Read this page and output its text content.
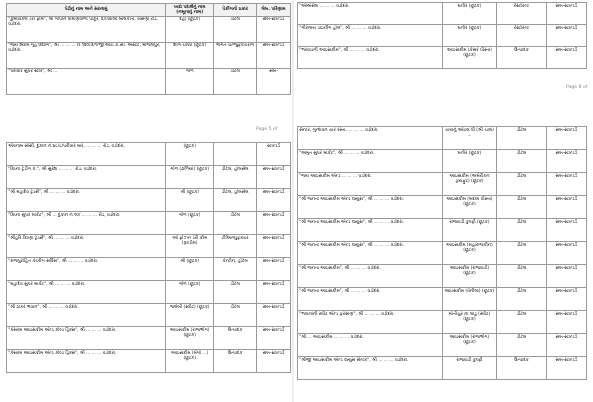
પેઢીનું નામ અને સરનામું	ખાદ્ય પદાર્થનું નામ (નમૂનાનું નામ)	પેકીંગનો પ્રકાર	લેબ. પરિણામ
"કુમાવિકલ ડેરી ફાર્મ", શ્રી ગોપીન વાઘાણવાળા પાકૂર, દ/ત્રિવાલી બાલકીર્ત્ત, વાસણા રોડ, વડોદરા.	દહીં (છૂટક)	ડીટેલ	સબ-સ્ટાન્ડર્ડ
"જય શ્યામ ગૃહ ઉદ્યોગ", શ્રી ... ... ... નં.૧૨૦/૩/૧/જી.આઇ.ડી.સી. એસ્ટેટ, માંજલપુર, વડોદરા.	શીંગ ચીક્કી (છૂટક)	જગત ચેન્જુફેકચરીંગ	સબ-સ્ટાન્ડર્ડ
"પરીવાર સુપર સ્ટોર", શ્રી ...	ગોળ	ડીટેલ	સબ-
Page 5 of
એવનામ સોસી, દુકાન નં.૪૮/૮/પરીવાર માર, ... ... ... રોડ, વડોદરા.	(છૂટક)		સ્ટાન્ડર્ડ
"ક્રિષ્ના ટ્રેડીંગ કં.", શ્રી સુરેશ ... ... ... રોડ, વડોદરા.	ગોળ (ઢાળિયાં) (છૂટક)	ડીટેલ, હોલસેલ	સબ-સ્ટાન્ડર્ડ
"શ્રી મહાદેવ ટ્રેડર્સ", શ્રી ... ... ... વડોદરા.	શ્રી (છૂટક)	ડીટેલ, હોલસેલ	સબ-સ્ટાન્ડર્ડ
"ક્રિષ્ના સુપર માર્કેટ", શ્રી ... દુકાન નં.૧૦/ ... ... ... રોડ, વડોદરા.	ગોળ (છૂટક)	ડીટેલ	સબ-સ્ટાન્ડર્ડ
"શ્રીહરિ ક્રિષ્ણા ટ્રેડર્સ", શ્રી ... ... ... વડોદરા.	ઓ ફ્રોઝન ડેરી ક્રીમ (રૂકડીમ)	ટીઅિન્યુફક્ચર	સબ-સ્ટાન્ડર્ડ
"રાજપુરોહિત કેટરીંગ સર્વિસ", શ્રી ... ... ... વડોદરા.	શ્રી (છૂટક)	કેન્ટીન, હોટેલ	સબ-સ્ટાન્ડર્ડ
"મહાદેવ સુપર માર્કેટ", શ્રી ... ... ... વડોદરા.	ગોળ (છૂટક)	ડીટેલ	સબ-સ્ટાન્ડર્ડ
"શ્રી ઠાકર ભવાન", શ્રી ... ... ... વડોદરા.	જલેબી (સ્વીટ) (છૂટક)	ડીટેલ	સબ-સ્ટાન્ડર્ડ
"કેસરમ આઇસક્રીમ એન્ડ કોલ્ડ ડ્રિંક્સ", શ્રી ... ... ... વડોદરા.	આઇસક્રીમ (રાજભોગ) (છૂટક)	ઉત્પાદક	સબ-સ્ટાન્ડર્ડ
"કેસરમ આઇસક્રીમ એન્ડ કોલ્ડ ડ્રિંક્સ", શ્રી ... ... ... વડોદરા.	આઇસક્રીમ (મેંગો ...) (છૂટક)	ઉત્પાદક	સબ-સ્ટાન્ડર્ડ
"એમ્બેસેલ ... ... ... વડોદરા.	ઘનીર (છૂટક)	રેસ્ટોરન્ટ	સબ-સ્ટાન્ડર્ડ
"ગીરાલય ડાઇનીંગ હોલ", શ્રી ... ... ... વડોદરા.	ઘનીર (છૂટક)	રેસ્ટોરન્ટ	સબ-સ્ટાન્ડર્ડ
"ભરવાડની આઇસક્રીમ", શ્રી ... ... ... વડોદરા.	આઇસક્રીમ (કેસર પીસ્તા) (છૂટક)	ઉત્પાદક	સબ-સ્ટાન્ડર્ડ
Page 8 of
સેન્ટર, ગુન્દાવન ચાર રસ્તા, ... ... ... વડોદરા.	ચાયનું ઓઇલ ધી (શ્રી ચાલ) ...	ડીટેલ	સબ-સ્ટાન્ડર્ડ
"અમૃત સુપર માર્કેટ", શ્રી ... ... ... વડોદરા.	ઘનીર (છૂટક)	ડીટેલ	સબ-સ્ટાન્ડર્ડ
"જય આઇસક્રીમ એન્ડ ... ... ... વડોદરા.	આઇસક્રીમ (અમેરીકન ડ્રાયફ્રુટ) (છૂટક)	ડીટેલ	સબ-સ્ટાન્ડર્ડ
"શ્રી જનતા આઇસક્રીમ એન્ડ જ્યુસ", શ્રી ... ... ... વડોદરા.	આઇસક્રીમ (બદામ પીસ્તા) (છૂટક)	ડીટેલ	સબ-સ્ટાન્ડર્ડ
"શ્રી જનતા આઇસક્રીમ એન્ડ જ્યુસ", શ્રી ... ... ... વડોદરા.	રાજવાડી કુલ્ફી (છૂટક)	ડીટેલ	સબ-સ્ટાન્ડર્ડ
"શ્રી જનતા આઇસક્રીમ એન્ડ જ્યુસ", શ્રી ... ... ... વડોદરા.	આઇસક્રીમ (મહારાજકીન) (છૂટક)	ડીટેલ	સબ-સ્ટાન્ડર્ડ
"શ્રી જનતા આઇસક્રીમ", શ્રી ... ... ... વડોદરા.	આઇસક્રીમ (રાજવાડી) (છૂટક)	ડીટેલ	સબ-સ્ટાન્ડર્ડ
"શ્રી જનતા આઇસક્રીમ", શ્રી ... ... ... વડોદરા.	આઇસક્રીમ (વેનીલા) (છૂટક)	ડીટેલ	સબ-સ્ટાન્ડર્ડ
"ભાવનાની સ્વીટ એન્ડ ફરસાણ", શ્રી ... ... ... વડોદરા.	મોતીચુર ના લાડુ (સ્વીટ) (છૂટક)	ડીટેલ	સબ-સ્ટાન્ડર્ડ
"શ્રી ... આઇસક્રીમ ... ... ... વડોદરા.	આઇસક્રીમ (રાજભોગ) (છૂટક)	ડીટેલ	સબ-સ્ટાન્ડર્ડ
"શ્રીજી આઇસક્રીમ એન્ડ જ્યુસ સેન્ટર", શ્રી ... ... ... વડોદરા.	રાજવાડી કુલ્ફી	ઉત્પાદક	સબ-સ્ટાન્ડર્ડ
